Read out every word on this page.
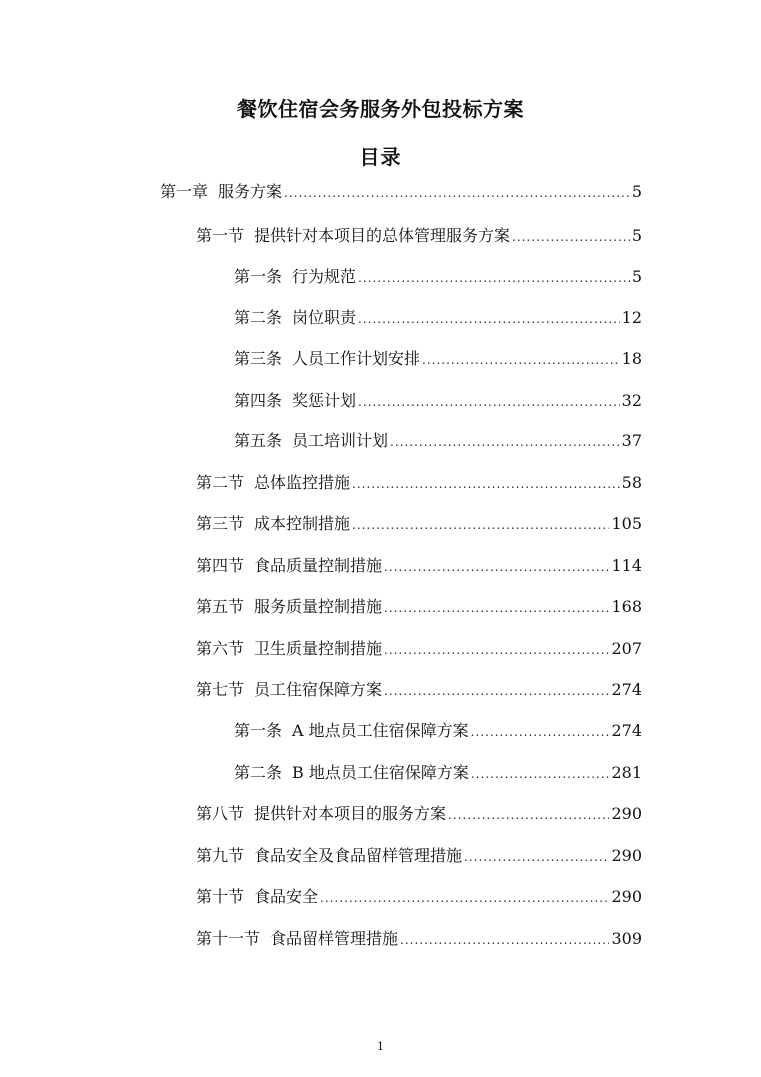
餐饮住宿会务服务外包投标方案
目录
第一章 服务方案 .....	5
第一节 提供针对本项目的总体管理服务方案 .....	5
第一条 行为规范 .....	5
第二条 岗位职责 .....	12
第三条 人员工作计划安排 .....	18
第四条 奖惩计划 .....	32
第五条 员工培训计划 .....	37
第二节 总体监控措施 .....	58
第三节 成本控制措施 .....	105
第四节 食品质量控制措施 .....	114
第五节 服务质量控制措施 .....	168
第六节 卫生质量控制措施 .....	207
第七节 员工住宿保障方案 .....	274
第一条 A 地点员工住宿保障方案 .....	274
第二条 B 地点员工住宿保障方案 .....	281
第八节 提供针对本项目的服务方案 .....	290
第九节 食品安全及食品留样管理措施 .....	290
第十节 食品安全 .....	290
第十一节 食品留样管理措施 .....	309
1
